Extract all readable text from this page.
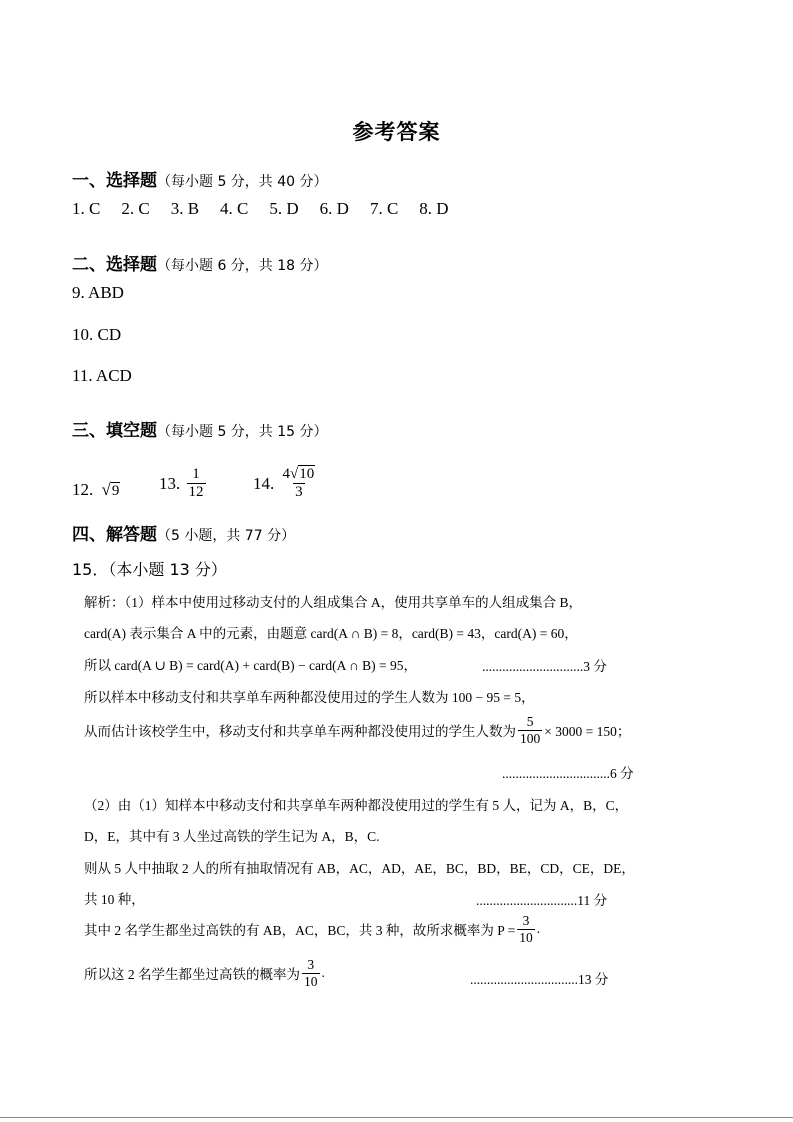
参考答案
一、选择题（每小题 5 分，共 40 分）
1. C 2. C 3. B 4. C 5. D 6. D 7. C 8. D
二、选择题（每小题 6 分，共 18 分）
9. ABD
10. CD
11. ACD
三、填空题（每小题 5 分，共 15 分）
12. √9 13. $\frac{1}{12}$	14. $\frac{4√10}{3}$
四、解答题（5 小题，共 77 分）
15．（本小题 13 分）
解析：（1）样本中使用过移动支付的人组成集合 A，使用共享单车的人组成集合 B，
card(A) 表示集合 A 中的元素，由题意 card(A ∩ B) = 8，card(B) = 43，card(A) = 60，
所以 card(A ∪ B) = card(A) + card(B) − card(A ∩ B) = 95，	..............................3 分
所以样本中移动支付和共享单车两种都没使用过的学生人数为 100 − 95 = 5，
从而估计该校学生中，移动支付和共享单车两种都没使用过的学生人数为 $\frac{5}{100} \times 3000 = 150$；
................................6 分
（2）由（1）知样本中移动支付和共享单车两种都没使用过的学生有 5 人，记为 A，B，C，
D，E，其中有 3 人坐过高铁的学生记为 A，B，C.
则从 5 人中抽取 2 人的所有抽取情况有 AB，AC，AD，AE，BC，BD，BE，CD，CE，DE，
共 10 种，	..............................11 分
其中 2 名学生都坐过高铁的有 AB，AC，BC，共 3 种，故所求概率为 $P = \frac{3}{10}$ .
所以这 2 名学生都坐过高铁的概率为 $\frac{3}{10}$ .	................................13 分
